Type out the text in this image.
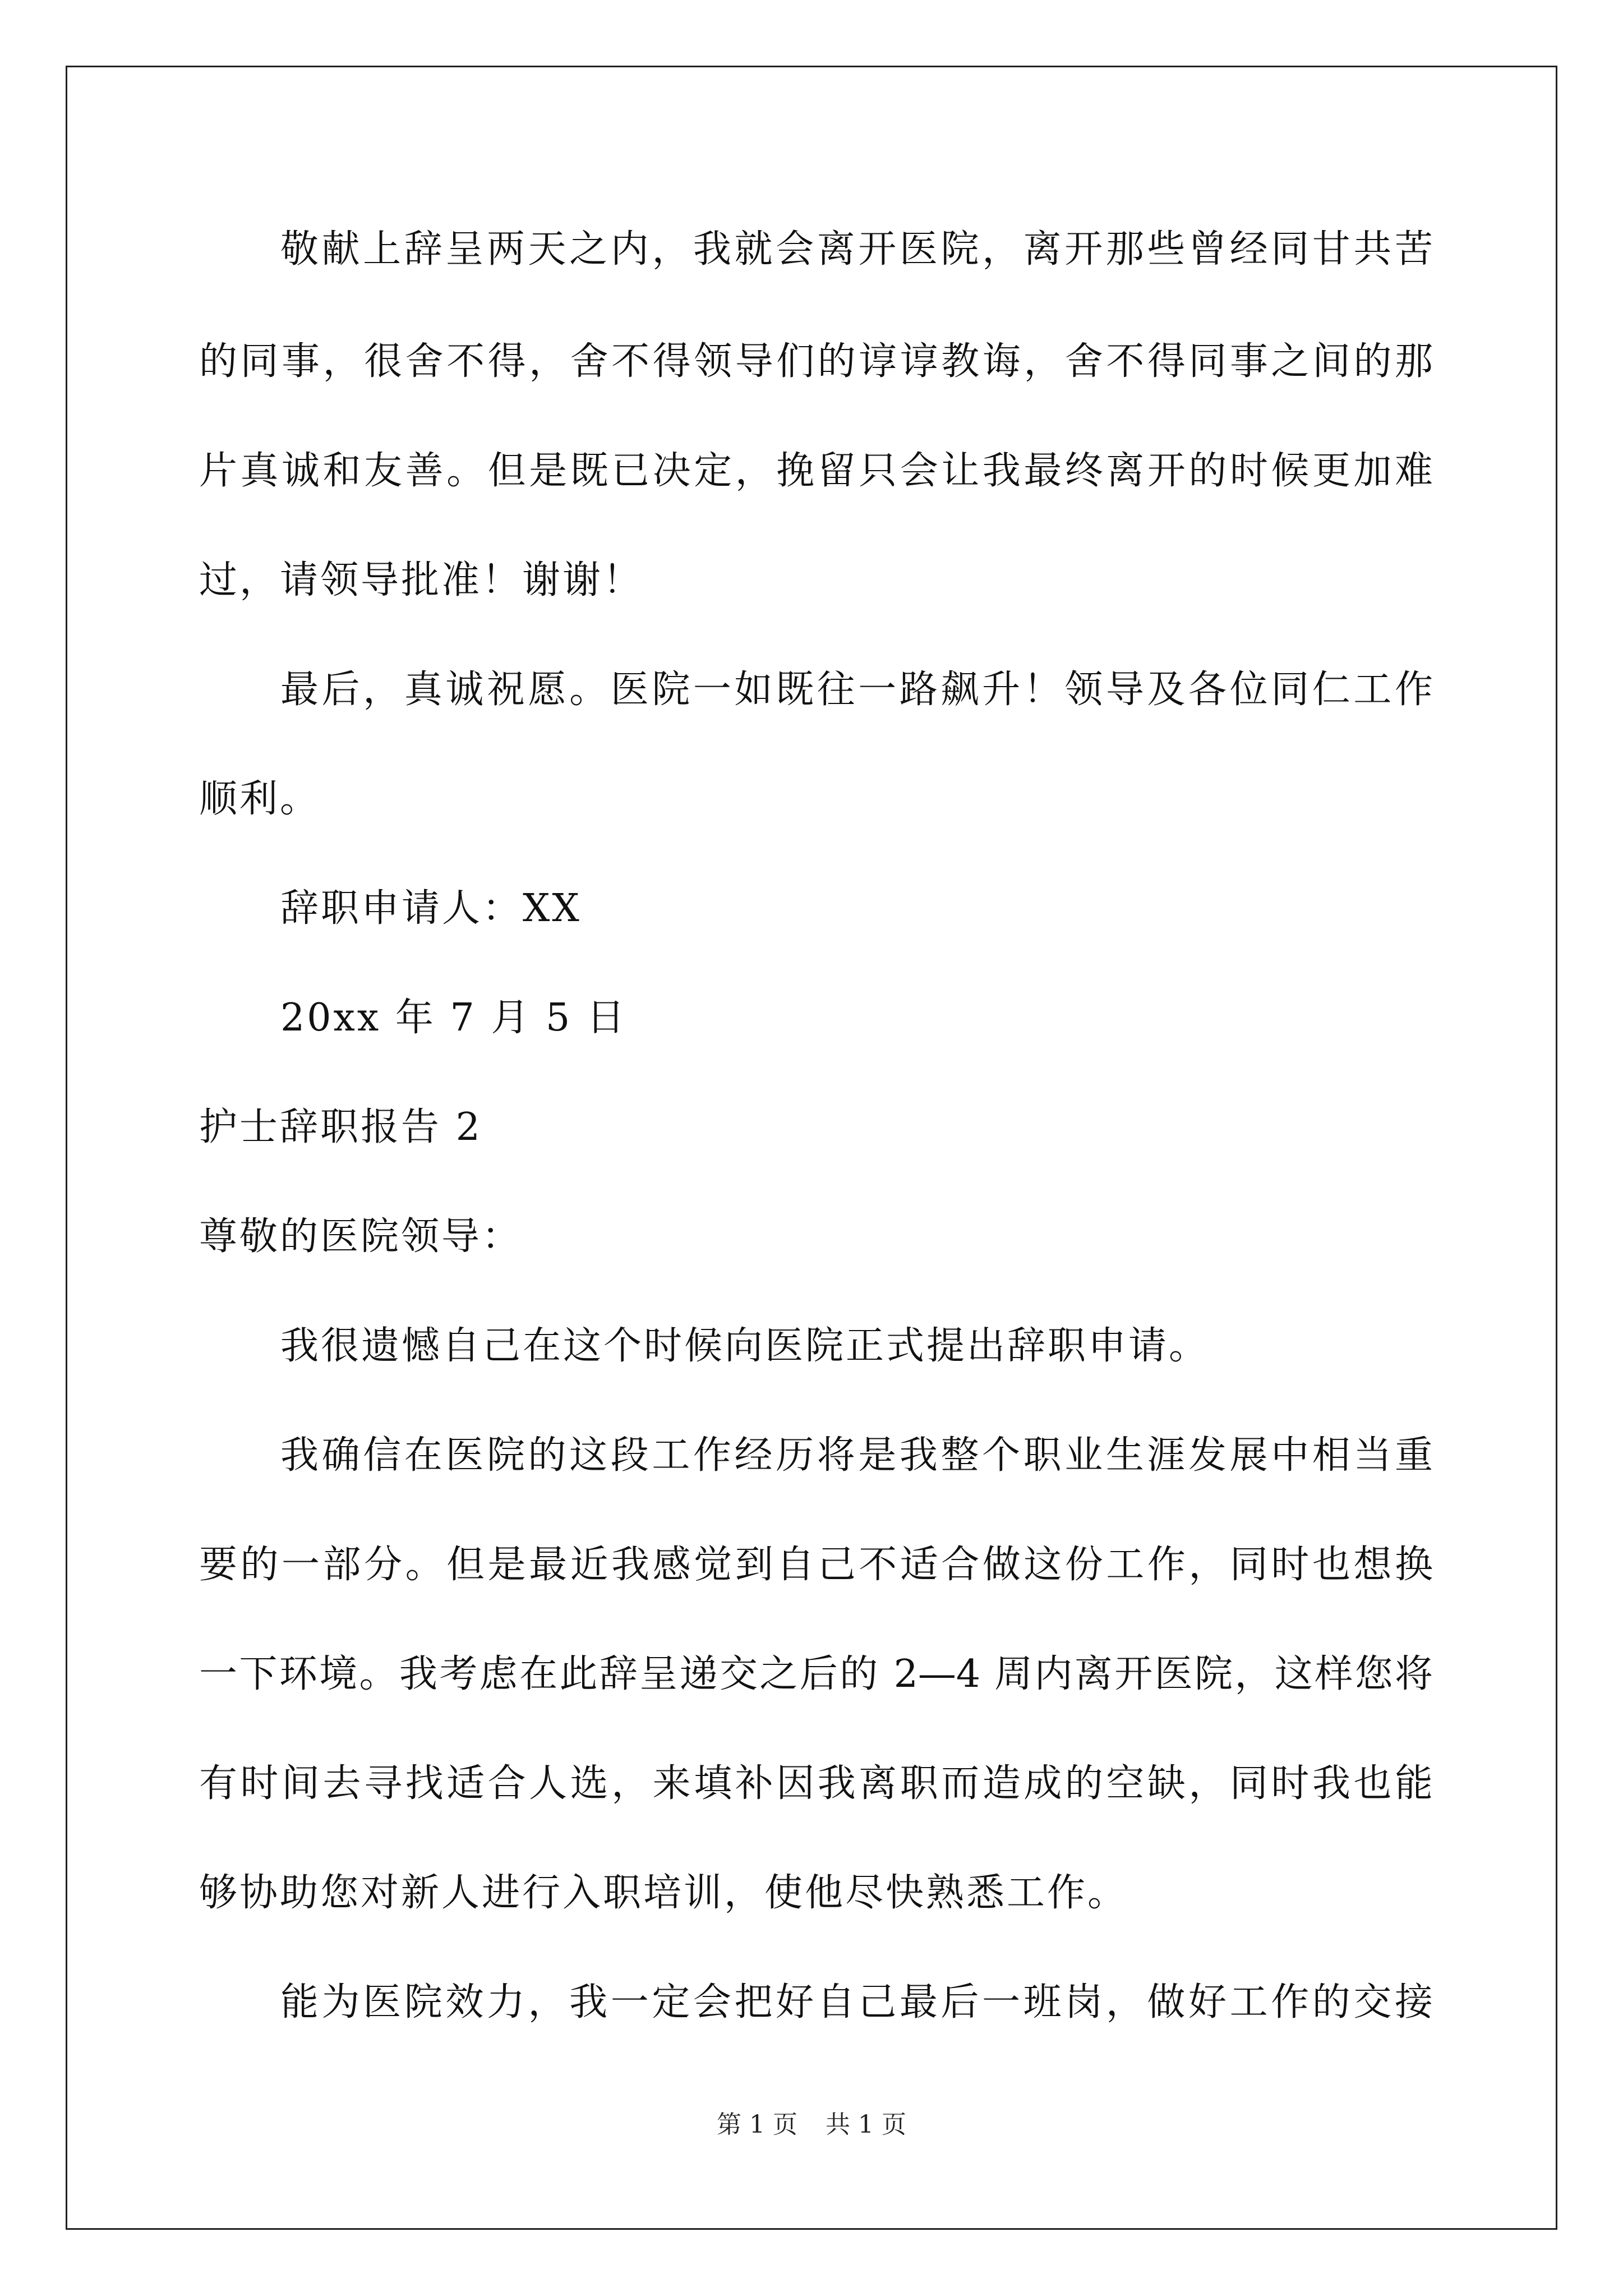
敬献上辞呈两天之内，我就会离开医院，离开那些曾经同甘共苦
的同事，很舍不得，舍不得领导们的谆谆教诲，舍不得同事之间的那
片真诚和友善。但是既已决定，挽留只会让我最终离开的时候更加难
过，请领导批准！谢谢！
最后，真诚祝愿。医院一如既往一路飙升！领导及各位同仁工作
顺利。
辞职申请人：XX
20xx 年 7 月 5 日
护士辞职报告 2
尊敬的医院领导：
我很遗憾自己在这个时候向医院正式提出辞职申请。
我确信在医院的这段工作经历将是我整个职业生涯发展中相当重
要的一部分。但是最近我感觉到自己不适合做这份工作，同时也想换
一下环境。我考虑在此辞呈递交之后的 2—4 周内离开医院，这样您将
有时间去寻找适合人选，来填补因我离职而造成的空缺，同时我也能
够协助您对新人进行入职培训，使他尽快熟悉工作。
能为医院效力，我一定会把好自己最后一班岗，做好工作的交接
第 1 页 共 1 页
